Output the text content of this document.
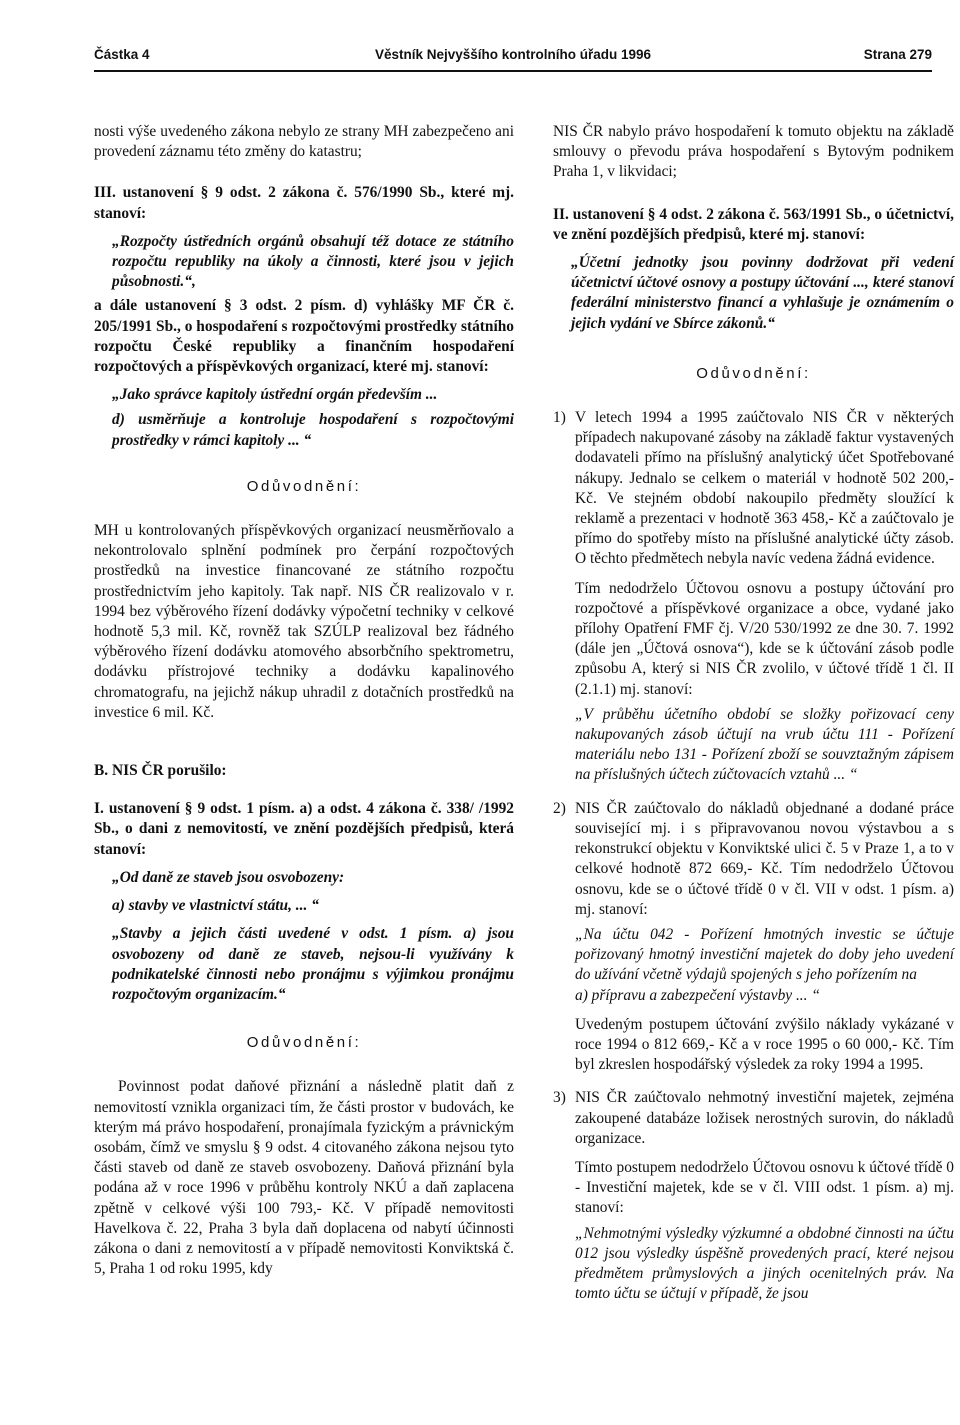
Částka 4	Věstník Nejvyššího kontrolního úřadu 1996	Strana 279

nosti výše uvedeného zákona nebylo ze strany MH zabezpečeno ani provedení záznamu této změny do katastru;

III. ustanovení § 9 odst. 2 zákona č. 576/1990 Sb., které mj. stanoví:

„Rozpočty ústředních orgánů obsahují též dotace ze státního rozpočtu republiky na úkoly a činnosti, které jsou v jejich působnosti.“,

a dále ustanovení § 3 odst. 2 písm. d) vyhlášky MF ČR č. 205/1991 Sb., o hospodaření s rozpočtovými prostředky státního rozpočtu České republiky a finančním hospodaření rozpočtových a příspěvkových organizací, které mj. stanoví:

„Jako správce kapitoly ústřední orgán především ...

d) usměrňuje a kontroluje hospodaření s rozpočtovými prostředky v rámci kapitoly ... “

Odůvodnění:

MH u kontrolovaných příspěvkových organizací neusměrňovalo a nekontrolovalo splnění podmínek pro čerpání rozpočtových prostředků na investice financované ze státního rozpočtu prostřednictvím jeho kapitoly. Tak např. NIS ČR realizovalo v r. 1994 bez výběrového řízení dodávky výpočetní techniky v celkové hodnotě 5,3 mil. Kč, rovněž tak SZÚLP realizoval bez řádného výběrového řízení dodávku atomového absorbčního spektrometru, dodávku přístrojové techniky a dodávku kapalinového chromatografu, na jejichž nákup uhradil z dotačních prostředků na investice 6 mil. Kč.

B. NIS ČR porušilo:

I. ustanovení § 9 odst. 1 písm. a) a odst. 4 zákona č. 338/ /1992 Sb., o dani z nemovitostí, ve znění pozdějších předpisů, která stanoví:

„Od daně ze staveb jsou osvobozeny:

a) stavby ve vlastnictví státu, ... “

„Stavby a jejich části uvedené v odst. 1 písm. a) jsou osvobozeny od daně ze staveb, nejsou-li využívány k podnikatelské činnosti nebo pronájmu s výjimkou pronájmu rozpočtovým organizacím.“

Odůvodnění:

Povinnost podat daňové přiznání a následně platit daň z nemovitostí vznikla organizaci tím, že části prostor v budovách, ke kterým má právo hospodaření, pronajímala fyzickým a právnickým osobám, čímž ve smyslu § 9 odst. 4 citovaného zákona nejsou tyto části staveb od daně ze staveb osvobozeny. Daňová přiznání byla podána až v roce 1996 v průběhu kontroly NKÚ a daň zaplacena zpětně v celkové výši 100 793,- Kč. V případě nemovitosti Havelkova č. 22, Praha 3 byla daň doplacena od nabytí účinnosti zákona o dani z nemovitostí a v případě nemovitosti Konviktská č. 5, Praha 1 od roku 1995, kdy

NIS ČR nabylo právo hospodaření k tomuto objektu na základě smlouvy o převodu práva hospodaření s Bytovým podnikem Praha 1, v likvidaci;

II. ustanovení § 4 odst. 2 zákona č. 563/1991 Sb., o účetnictví, ve znění pozdějších předpisů, které mj. stanoví:

„Účetní jednotky jsou povinny dodržovat při vedení účetnictví účtové osnovy a postupy účtování ..., které stanoví federální ministerstvo financí a vyhlašuje je oznámením o jejich vydání ve Sbírce zákonů.“

Odůvodnění:

1) V letech 1994 a 1995 zaúčtovalo NIS ČR v některých případech nakupované zásoby na základě faktur vystavených dodavateli přímo na příslušný analytický účet Spotřebované nákupy. Jednalo se celkem o materiál v hodnotě 502 200,- Kč. Ve stejném období nakoupilo předměty sloužící k reklamě a prezentaci v hodnotě 363 458,- Kč a zaúčtovalo je přímo do spotřeby místo na příslušné analytické účty zásob. O těchto předmětech nebyla navíc vedena žádná evidence.

Tím nedodrželo Účtovou osnovu a postupy účtování pro rozpočtové a příspěvkové organizace a obce, vydané jako přílohy Opatření FMF čj. V/20 530/1992 ze dne 30. 7. 1992 (dále jen „Účtová osnova“), kde se k účtování zásob podle způsobu A, který si NIS ČR zvolilo, v účtové třídě 1 čl. II (2.1.1) mj. stanoví:

„V průběhu účetního období se složky pořizovací ceny nakupovaných zásob účtují na vrub účtu 111 - Pořízení materiálu nebo 131 - Pořízení zboží se souvztažným zápisem na příslušných účtech zúčtovacích vztahů ... “

2) NIS ČR zaúčtovalo do nákladů objednané a dodané práce související mj. i s připravovanou novou výstavbou a s rekonstrukcí objektu v Konviktské ulici č. 5 v Praze 1, a to v celkové hodnotě 872 669,- Kč. Tím nedodrželo Účtovou osnovu, kde se o účtové třídě 0 v čl. VII v odst. 1 písm. a) mj. stanoví:

„Na účtu 042 - Pořízení hmotných investic se účtuje pořizovaný hmotný investiční majetek do doby jeho uvedení do užívání včetně výdajů spojených s jeho pořízením na

a) přípravu a zabezpečení výstavby ... “

Uvedeným postupem účtování zvýšilo náklady vykázané v roce 1994 o 812 669,- Kč a v roce 1995 o 60 000,- Kč. Tím byl zkreslen hospodářský výsledek za roky 1994 a 1995.

3) NIS ČR zaúčtovalo nehmotný investiční majetek, zejména zakoupené databáze ložisek nerostných surovin, do nákladů organizace.

Tímto postupem nedodrželo Účtovou osnovu k účtové třídě 0 - Investiční majetek, kde se v čl. VIII odst. 1 písm. a) mj. stanoví:

„Nehmotnými výsledky výzkumné a obdobné činnosti na účtu 012 jsou výsledky úspěšně provedených prací, které nejsou předmětem průmyslových a jiných ocenitelných práv. Na tomto účtu se účtují v případě, že jsou
